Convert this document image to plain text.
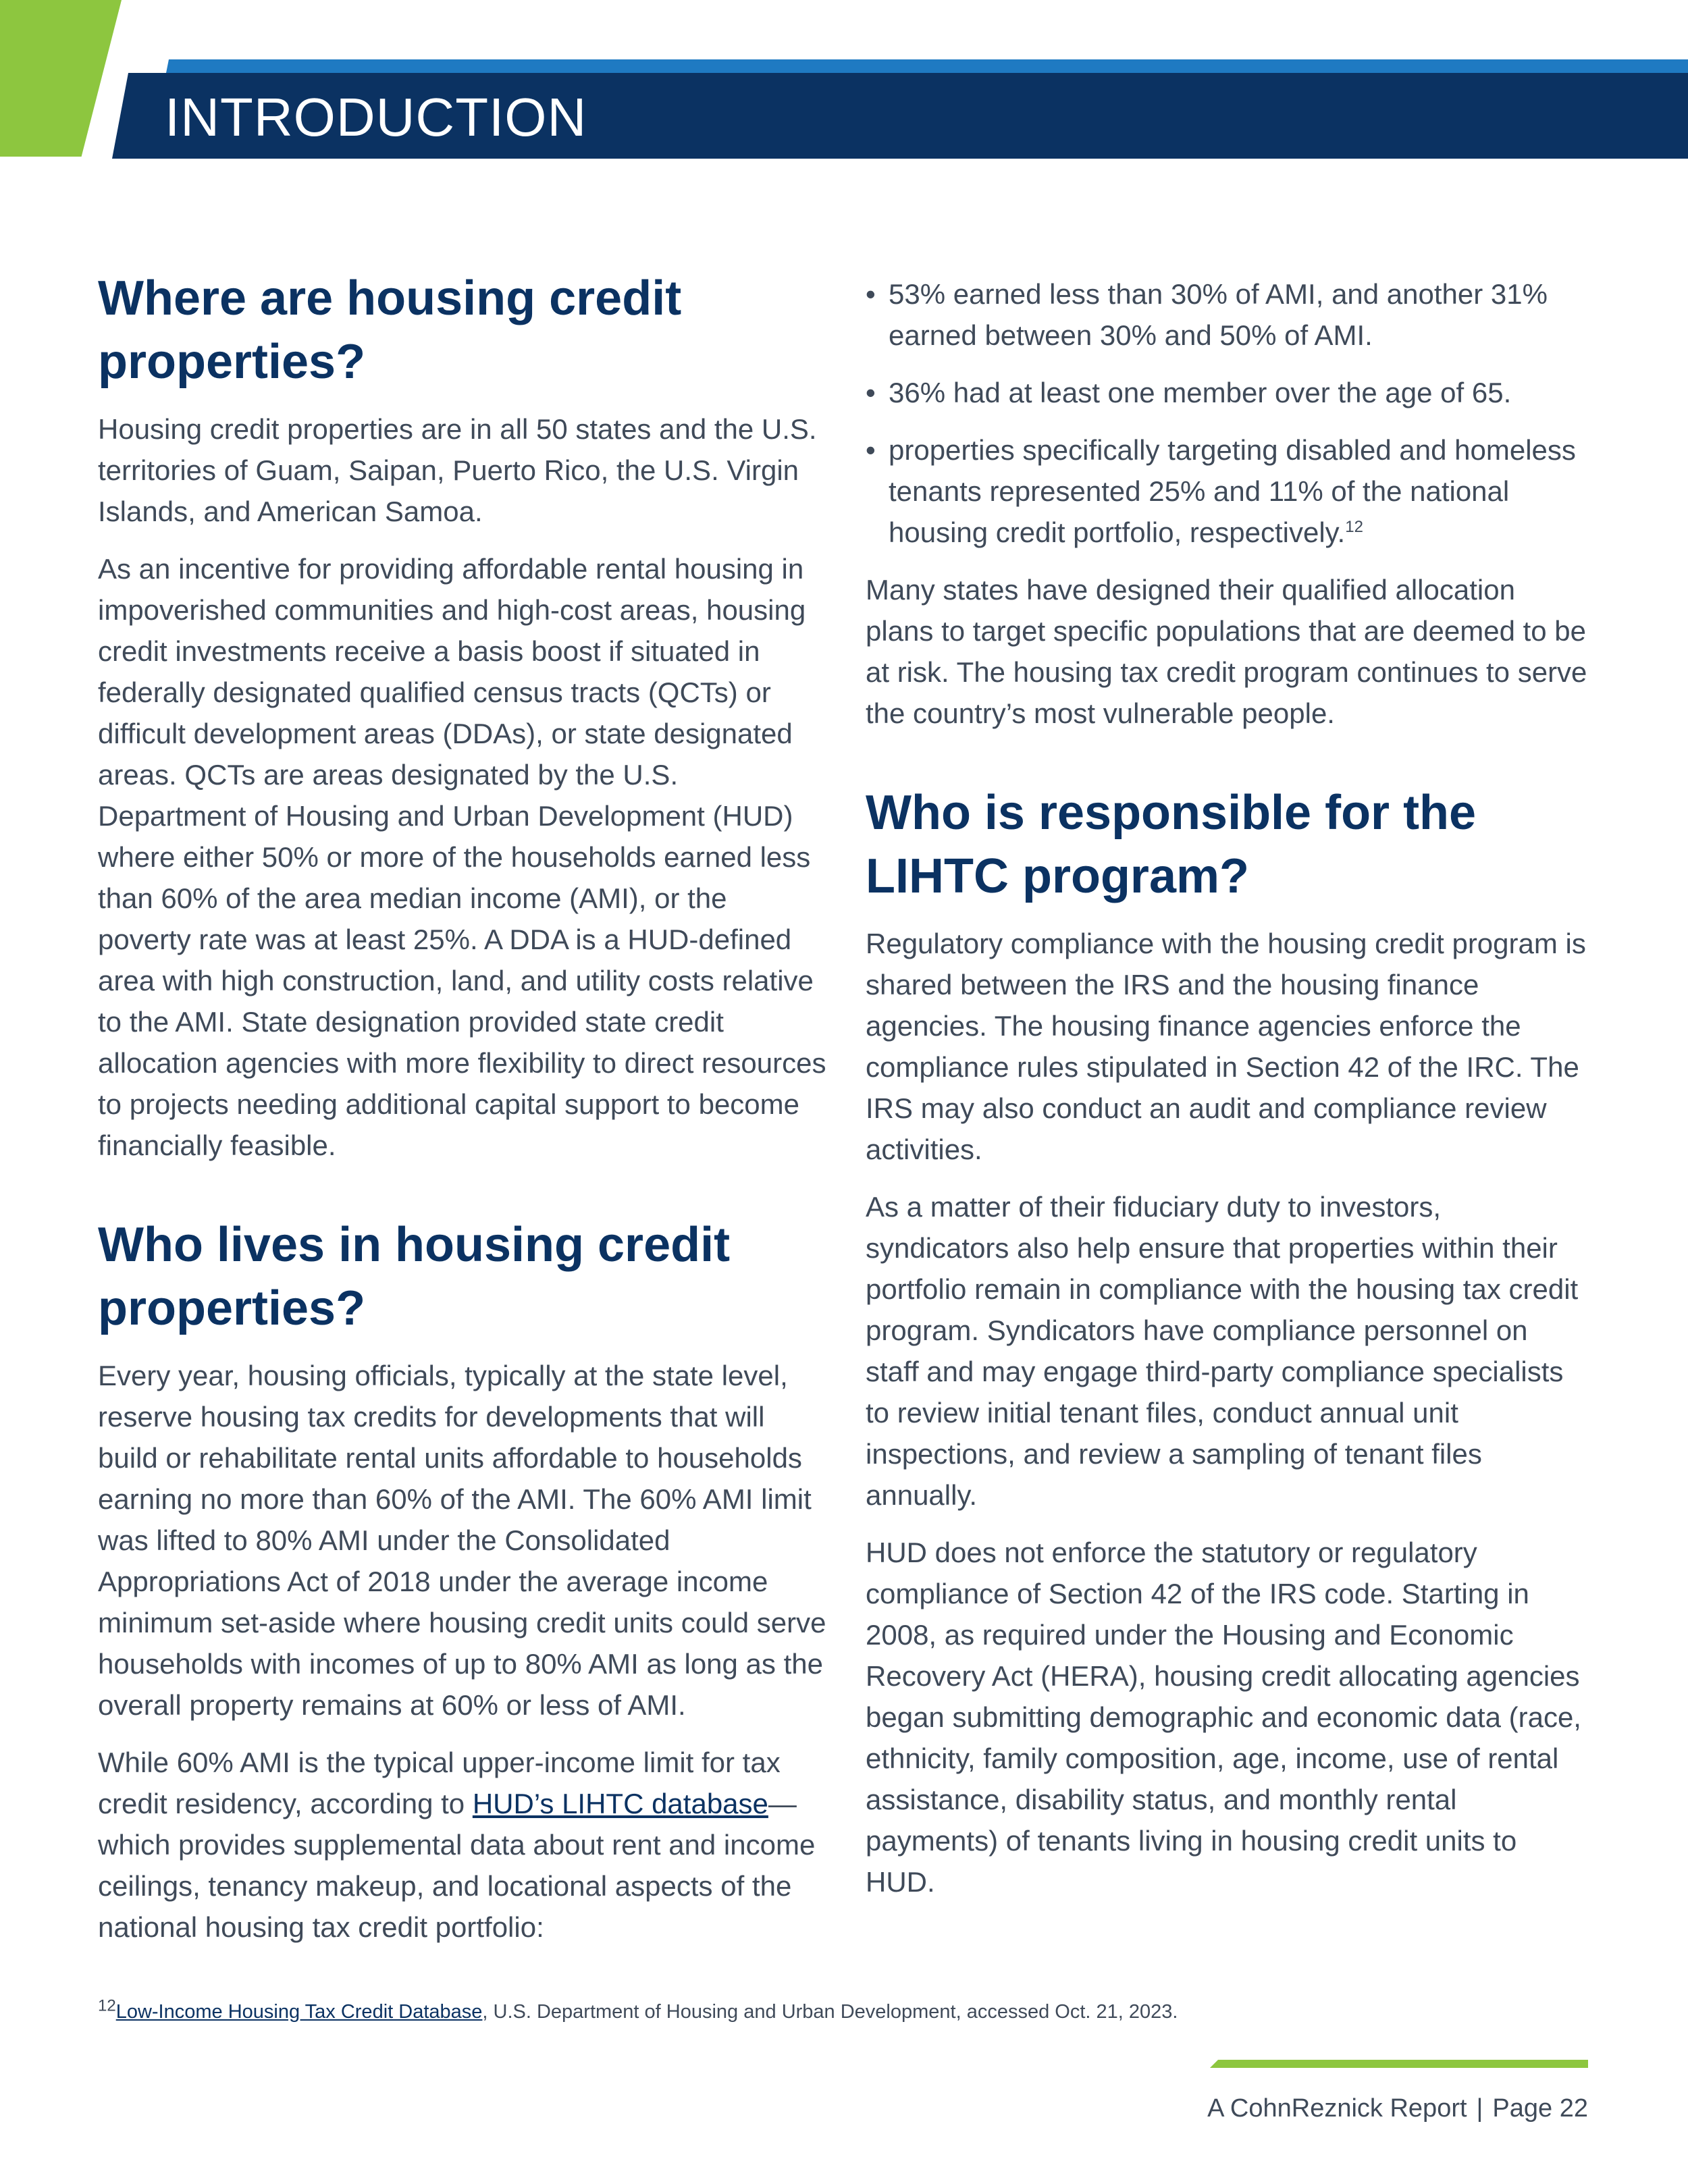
INTRODUCTION
Where are housing credit properties?

Housing credit properties are in all 50 states and the U.S. territories of Guam, Saipan, Puerto Rico, the U.S. Virgin Islands, and American Samoa.

As an incentive for providing affordable rental housing in impoverished communities and high-cost areas, housing credit investments receive a basis boost if situated in federally designated qualified census tracts (QCTs) or difficult development areas (DDAs), or state designated areas. QCTs are areas designated by the U.S. Department of Housing and Urban Development (HUD) where either 50% or more of the households earned less than 60% of the area median income (AMI), or the poverty rate was at least 25%. A DDA is a HUD-defined area with high construction, land, and utility costs relative to the AMI. State designation provided state credit allocation agencies with more flexibility to direct resources to projects needing additional capital support to become financially feasible.

Who lives in housing credit properties?

Every year, housing officials, typically at the state level, reserve housing tax credits for developments that will build or rehabilitate rental units affordable to households earning no more than 60% of the AMI. The 60% AMI limit was lifted to 80% AMI under the Consolidated Appropriations Act of 2018 under the average income minimum set-aside where housing credit units could serve households with incomes of up to 80% AMI as long as the overall property remains at 60% or less of AMI.

While 60% AMI is the typical upper-income limit for tax credit residency, according to HUD’s LIHTC database—which provides supplemental data about rent and income ceilings, tenancy makeup, and locational aspects of the national housing tax credit portfolio:

• 53% earned less than 30% of AMI, and another 31% earned between 30% and 50% of AMI.
• 36% had at least one member over the age of 65.
• properties specifically targeting disabled and homeless tenants represented 25% and 11% of the national housing credit portfolio, respectively.$^{12}$

Many states have designed their qualified allocation plans to target specific populations that are deemed to be at risk. The housing tax credit program continues to serve the country’s most vulnerable people.

Who is responsible for the LIHTC program?

Regulatory compliance with the housing credit program is shared between the IRS and the housing finance agencies. The housing finance agencies enforce the compliance rules stipulated in Section 42 of the IRC. The IRS may also conduct an audit and compliance review activities.

As a matter of their fiduciary duty to investors, syndicators also help ensure that properties within their portfolio remain in compliance with the housing tax credit program. Syndicators have compliance personnel on staff and may engage third-party compliance specialists to review initial tenant files, conduct annual unit inspections, and review a sampling of tenant files annually.

HUD does not enforce the statutory or regulatory compliance of Section 42 of the IRS code. Starting in 2008, as required under the Housing and Economic Recovery Act (HERA), housing credit allocating agencies began submitting demographic and economic data (race, ethnicity, family composition, age, income, use of rental assistance, disability status, and monthly rental payments) of tenants living in housing credit units to HUD.

$^{12}$Low-Income Housing Tax Credit Database, U.S. Department of Housing and Urban Development, accessed Oct. 21, 2023.
A CohnReznick Report | Page 22
